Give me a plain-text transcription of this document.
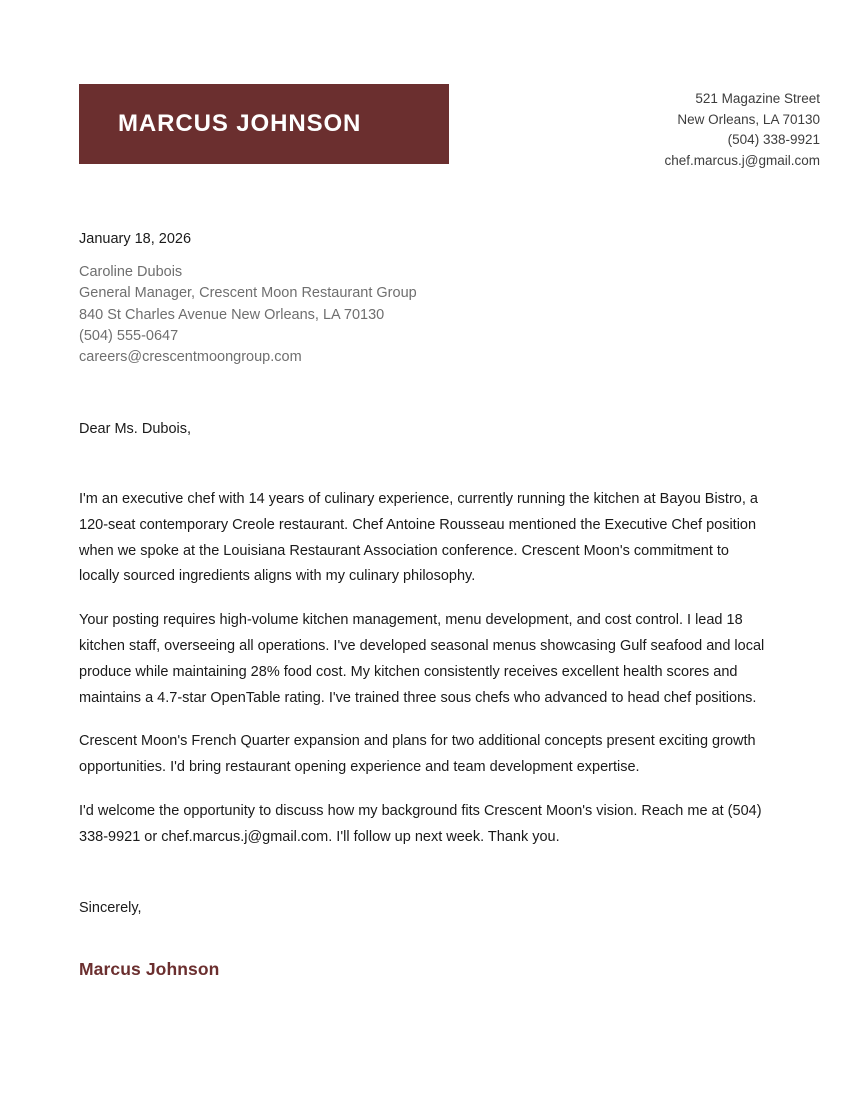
MARCUS JOHNSON
521 Magazine Street
New Orleans, LA 70130
(504) 338-9921
chef.marcus.j@gmail.com
January 18, 2026
Caroline Dubois
General Manager, Crescent Moon Restaurant Group
840 St Charles Avenue New Orleans, LA 70130
(504) 555-0647
careers@crescentmoongroup.com
Dear Ms. Dubois,

I'm an executive chef with 14 years of culinary experience, currently running the kitchen at Bayou Bistro, a 120-seat contemporary Creole restaurant. Chef Antoine Rousseau mentioned the Executive Chef position when we spoke at the Louisiana Restaurant Association conference. Crescent Moon's commitment to locally sourced ingredients aligns with my culinary philosophy.

Your posting requires high-volume kitchen management, menu development, and cost control. I lead 18 kitchen staff, overseeing all operations. I've developed seasonal menus showcasing Gulf seafood and local produce while maintaining 28% food cost. My kitchen consistently receives excellent health scores and maintains a 4.7-star OpenTable rating. I've trained three sous chefs who advanced to head chef positions.

Crescent Moon's French Quarter expansion and plans for two additional concepts present exciting growth opportunities. I'd bring restaurant opening experience and team development expertise.

I'd welcome the opportunity to discuss how my background fits Crescent Moon's vision. Reach me at (504) 338-9921 or chef.marcus.j@gmail.com. I'll follow up next week. Thank you.

Sincerely,
Marcus Johnson
